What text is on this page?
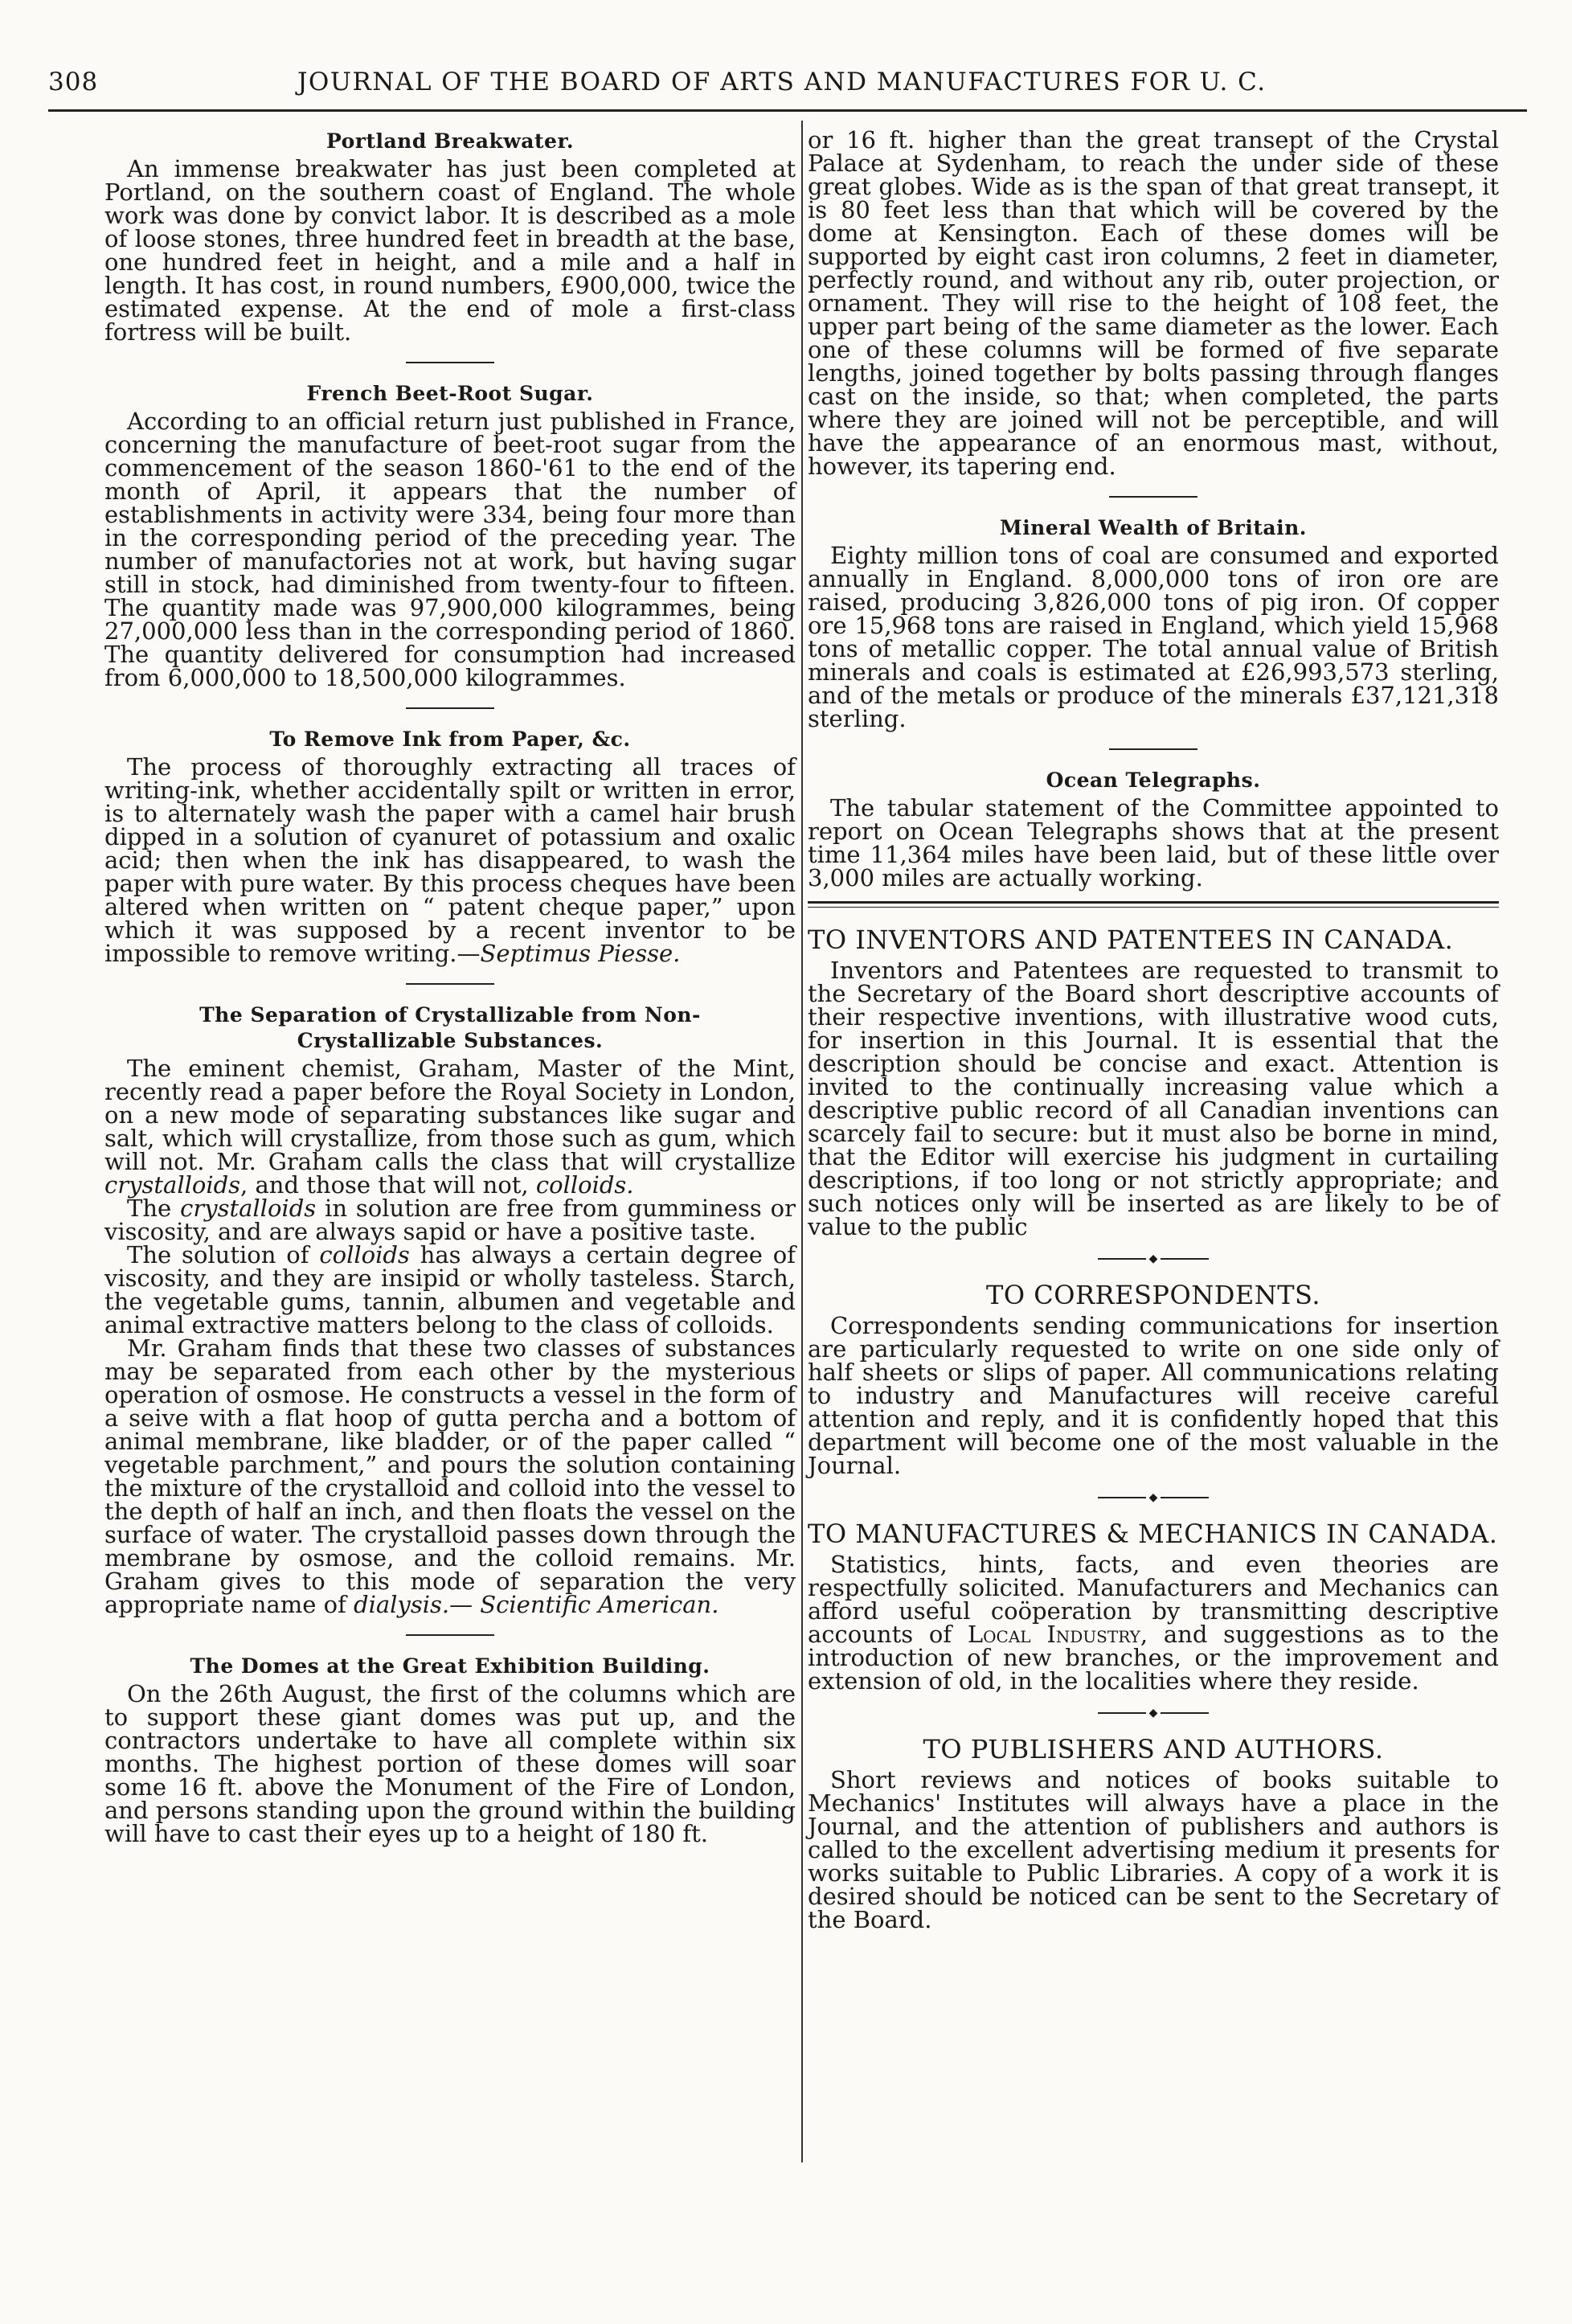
308	JOURNAL OF THE BOARD OF ARTS AND MANUFACTURES FOR U. C.
Portland Breakwater.

An immense breakwater has just been completed at Portland, on the southern coast of England. The whole work was done by convict labor. It is described as a mole of loose stones, three hundred feet in breadth at the base, one hundred feet in height, and a mile and a half in length. It has cost, in round numbers, £900,000, twice the estimated expense. At the end of mole a first-class fortress will be built.

French Beet-Root Sugar.

According to an official return just published in France, concerning the manufacture of beet-root sugar from the commencement of the season 1860-'61 to the end of the month of April, it appears that the number of establishments in activity were 334, being four more than in the corresponding period of the preceding year. The number of manufactories not at work, but having sugar still in stock, had diminished from twenty-four to fifteen. The quantity made was 97,900,000 kilogrammes, being 27,000,000 less than in the corresponding period of 1860. The quantity delivered for consumption had increased from 6,000,000 to 18,500,000 kilogrammes.

To Remove Ink from Paper, &c.

The process of thoroughly extracting all traces of writing-ink, whether accidentally spilt or written in error, is to alternately wash the paper with a camel hair brush dipped in a solution of cyanuret of potassium and oxalic acid; then when the ink has disappeared, to wash the paper with pure water. By this process cheques have been altered when written on “ patent cheque paper,” upon which it was supposed by a recent inventor to be impossible to remove writing.—Septimus Piesse.

The Separation of Crystallizable from Non-
Crystallizable Substances.

The eminent chemist, Graham, Master of the Mint, recently read a paper before the Royal Society in London, on a new mode of separating substances like sugar and salt, which will crystallize, from those such as gum, which will not. Mr. Graham calls the class that will crystallize crystalloids, and those that will not, colloids.

The crystalloids in solution are free from gumminess or viscosity, and are always sapid or have a positive taste.

The solution of colloids has always a certain degree of viscosity, and they are insipid or wholly tasteless. Starch, the vegetable gums, tannin, albumen and vegetable and animal extractive matters belong to the class of colloids.

Mr. Graham finds that these two classes of substances may be separated from each other by the mysterious operation of osmose. He constructs a vessel in the form of a seive with a flat hoop of gutta percha and a bottom of animal membrane, like bladder, or of the paper called “ vegetable parchment,” and pours the solution containing the mixture of the crystalloid and colloid into the vessel to the depth of half an inch, and then floats the vessel on the surface of water. The crystalloid passes down through the membrane by osmose, and the colloid remains. Mr. Graham gives to this mode of separation the very appropriate name of dialysis.— Scientific American.

The Domes at the Great Exhibition Building.

On the 26th August, the first of the columns which are to support these giant domes was put up, and the contractors undertake to have all complete within six months. The highest portion of these domes will soar some 16 ft. above the Monument of the Fire of London, and persons standing upon the ground within the building will have to cast their eyes up to a height of 180 ft.

or 16 ft. higher than the great transept of the Crystal Palace at Sydenham, to reach the under side of these great globes. Wide as is the span of that great transept, it is 80 feet less than that which will be covered by the dome at Kensington. Each of these domes will be supported by eight cast iron columns, 2 feet in diameter, perfectly round, and without any rib, outer projection, or ornament. They will rise to the height of 108 feet, the upper part being of the same diameter as the lower. Each one of these columns will be formed of five separate lengths, joined together by bolts passing through flanges cast on the inside, so that; when completed, the parts where they are joined will not be perceptible, and will have the appearance of an enormous mast, without, however, its tapering end.

Mineral Wealth of Britain.

Eighty million tons of coal are consumed and exported annually in England. 8,000,000 tons of iron ore are raised, producing 3,826,000 tons of pig iron. Of copper ore 15,968 tons are raised in England, which yield 15,968 tons of metallic copper. The total annual value of British minerals and coals is estimated at £26,993,573 sterling, and of the metals or produce of the minerals £37,121,318 sterling.

Ocean Telegraphs.

The tabular statement of the Committee appointed to report on Ocean Telegraphs shows that at the present time 11,364 miles have been laid, but of these little over 3,000 miles are actually working.

TO INVENTORS AND PATENTEES IN CANADA.

Inventors and Patentees are requested to transmit to the Secretary of the Board short descriptive accounts of their respective inventions, with illustrative wood cuts, for insertion in this Journal. It is essential that the description should be concise and exact. Attention is invited to the continually increasing value which a descriptive public record of all Canadian inventions can scarcely fail to secure: but it must also be borne in mind, that the Editor will exercise his judgment in curtailing descriptions, if too long or not strictly appropriate; and such notices only will be inserted as are likely to be of value to the public

◆
TO CORRESPONDENTS.

Correspondents sending communications for insertion are particularly requested to write on one side only of half sheets or slips of paper. All communications relating to industry and Manufactures will receive careful attention and reply, and it is confidently hoped that this department will become one of the most valuable in the Journal.

◆
TO MANUFACTURES & MECHANICS IN CANADA.

Statistics, hints, facts, and even theories are respectfully solicited. Manufacturers and Mechanics can afford useful coöperation by transmitting descriptive accounts of Local Industry, and suggestions as to the introduction of new branches, or the improvement and extension of old, in the localities where they reside.

◆
TO PUBLISHERS AND AUTHORS.

Short reviews and notices of books suitable to Mechanics' Institutes will always have a place in the Journal, and the attention of publishers and authors is called to the excellent advertising medium it presents for works suitable to Public Libraries. A copy of a work it is desired should be noticed can be sent to the Secretary of the Board.
